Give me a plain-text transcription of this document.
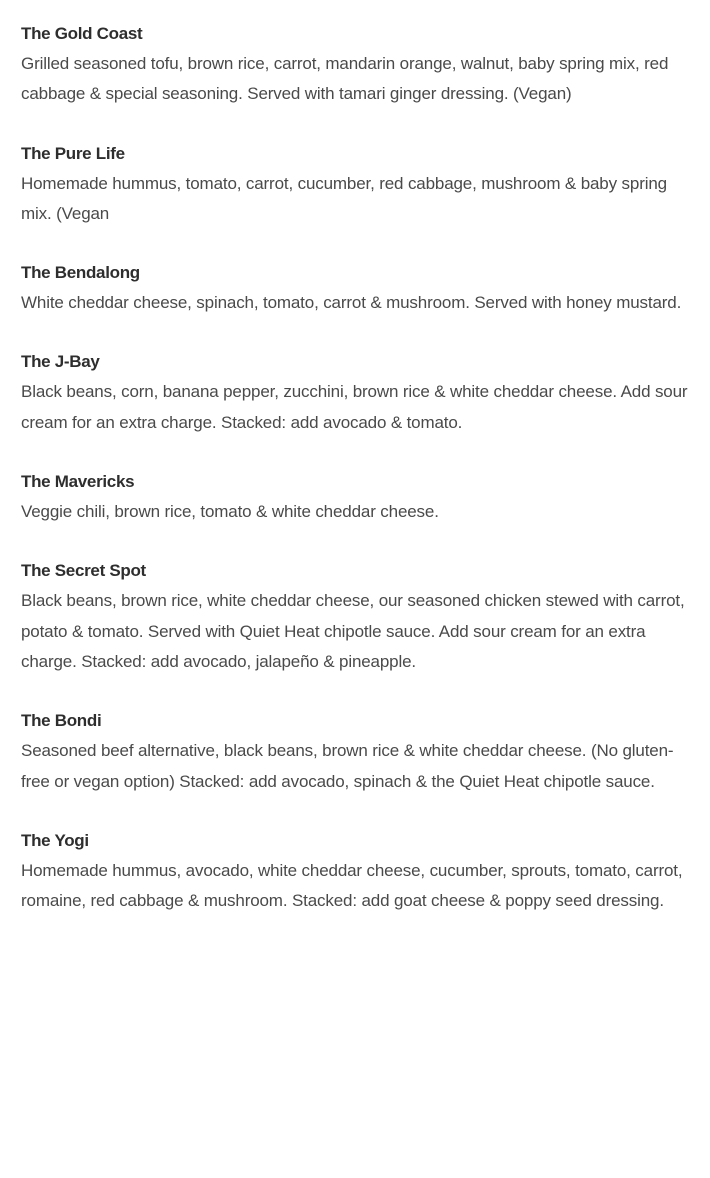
The Gold Coast

Grilled seasoned tofu, brown rice, carrot, mandarin orange, walnut, baby spring mix, red cabbage & special seasoning. Served with tamari ginger dressing. (Vegan)

The Pure Life

Homemade hummus, tomato, carrot, cucumber, red cabbage, mushroom & baby spring mix. (Vegan

The Bendalong

White cheddar cheese, spinach, tomato, carrot & mushroom. Served with honey mustard.

The J-Bay

Black beans, corn, banana pepper, zucchini, brown rice & white cheddar cheese. Add sour cream for an extra charge. Stacked: add avocado & tomato.

The Mavericks

Veggie chili, brown rice, tomato & white cheddar cheese.

The Secret Spot

Black beans, brown rice, white cheddar cheese, our seasoned chicken stewed with carrot, potato & tomato. Served with Quiet Heat chipotle sauce. Add sour cream for an extra charge. Stacked: add avocado, jalapeño & pineapple.

The Bondi

Seasoned beef alternative, black beans, brown rice & white cheddar cheese. (No gluten-free or vegan option) Stacked: add avocado, spinach & the Quiet Heat chipotle sauce.

The Yogi

Homemade hummus, avocado, white cheddar cheese, cucumber, sprouts, tomato, carrot, romaine, red cabbage & mushroom. Stacked: add goat cheese & poppy seed dressing.
